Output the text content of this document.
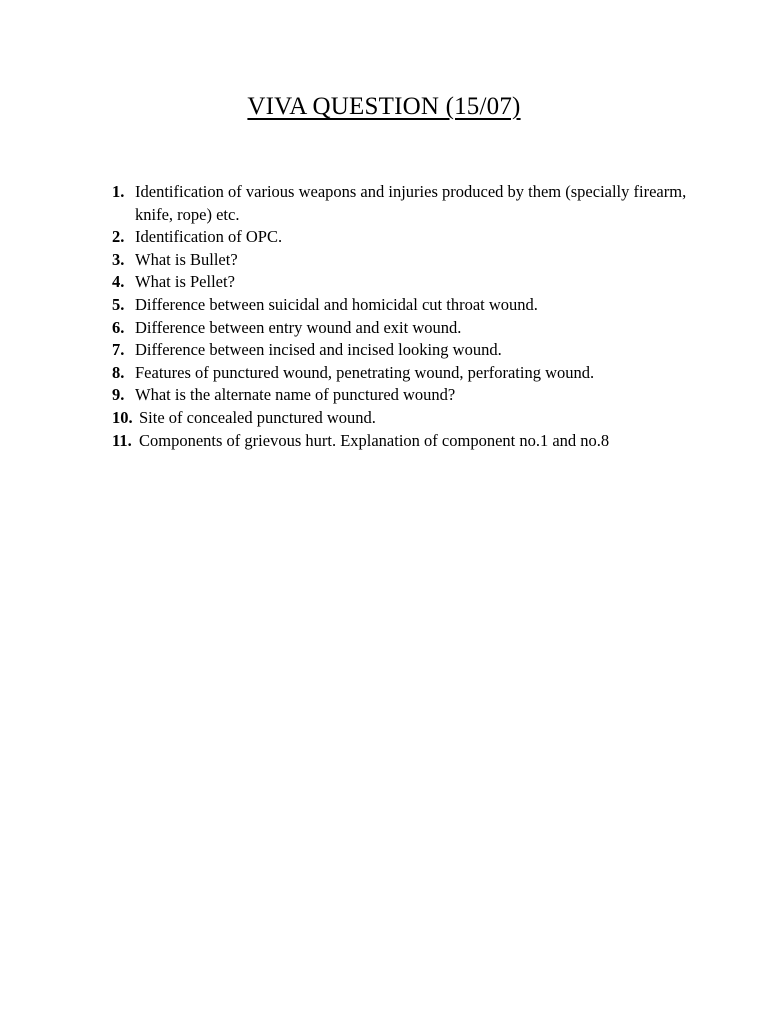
VIVA QUESTION (15/07)
1. Identification of various weapons and injuries produced by them (specially firearm, knife, rope) etc.
2. Identification of OPC.
3. What is Bullet?
4. What is Pellet?
5. Difference between suicidal and homicidal cut throat wound.
6. Difference between entry wound and exit wound.
7. Difference between incised and incised looking wound.
8. Features of punctured wound, penetrating wound, perforating wound.
9. What is the alternate name of punctured wound?
10. Site of concealed punctured wound.
11. Components of grievous hurt. Explanation of component no.1 and no.8
